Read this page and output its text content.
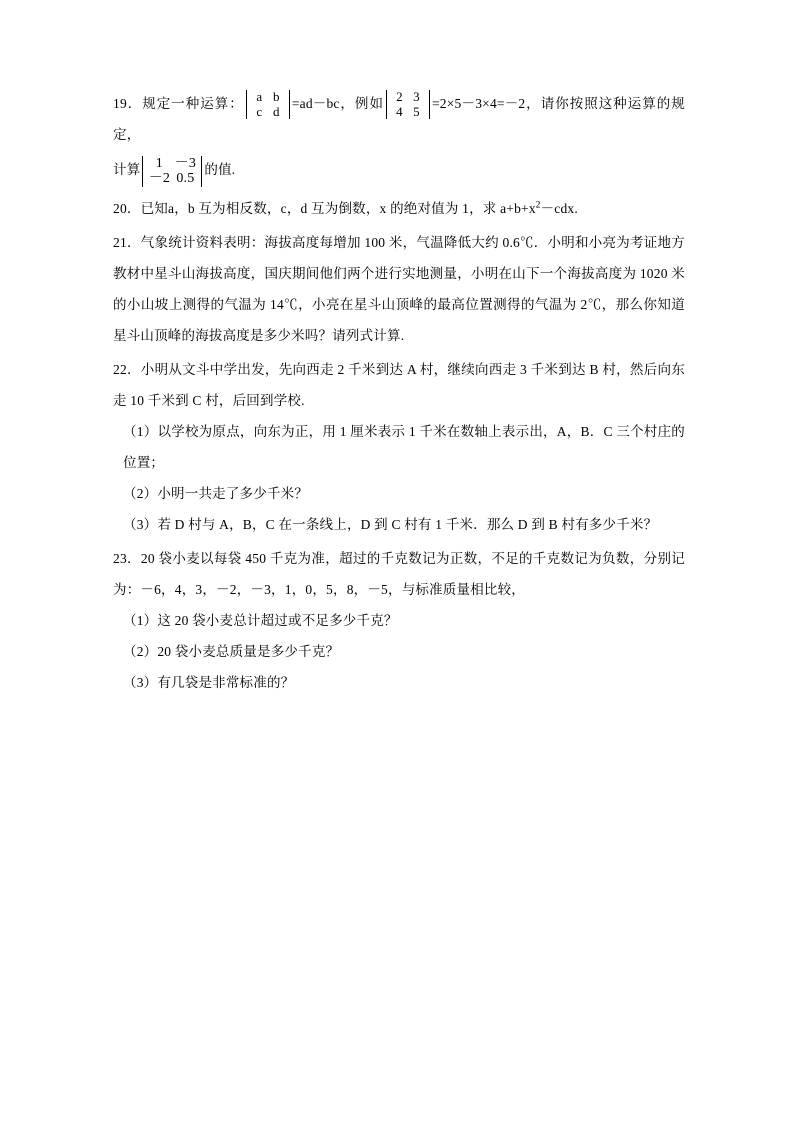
19．规定一种运算： a b
c d
=ad－bc，例如 2 3
4 5
=2×5－3×4=－2，请你按照这种运算的规定，
计算	1 －3
－2 0.5
的值.
20．已知a，b 互为相反数，c，d 互为倒数，x 的绝对值为 1，求 $a+b+x^2-cdx$.
21．气象统计资料表明：海拔高度每增加 100 米，气温降低大约 0.6℃．小明和小亮为考证地方教材中星斗山海拔高度，国庆期间他们两个进行实地测量，小明在山下一个海拔高度为 1020 米的小山坡上测得的气温为 14℃，小亮在星斗山顶峰的最高位置测得的气温为 2℃，那么你知道星斗山顶峰的海拔高度是多少米吗？请列式计算.
22．小明从文斗中学出发，先向西走 2 千米到达 A 村，继续向西走 3 千米到达 B 村，然后向东走 10 千米到 C 村，后回到学校.
（1）以学校为原点，向东为正，用 1 厘米表示 1 千米在数轴上表示出，A，B．C 三个村庄的位置；
（2）小明一共走了多少千米？
（3）若 D 村与 A，B，C 在一条线上，D 到 C 村有 1 千米．那么 D 到 B 村有多少千米？
23．20 袋小麦以每袋 450 千克为准，超过的千克数记为正数，不足的千克数记为负数，分别记为：－6，4，3，－2，－3，1，0，5，8，－5，与标准质量相比较，
（1）这 20 袋小麦总计超过或不足多少千克？
（2）20 袋小麦总质量是多少千克？
（3）有几袋是非常标准的？
